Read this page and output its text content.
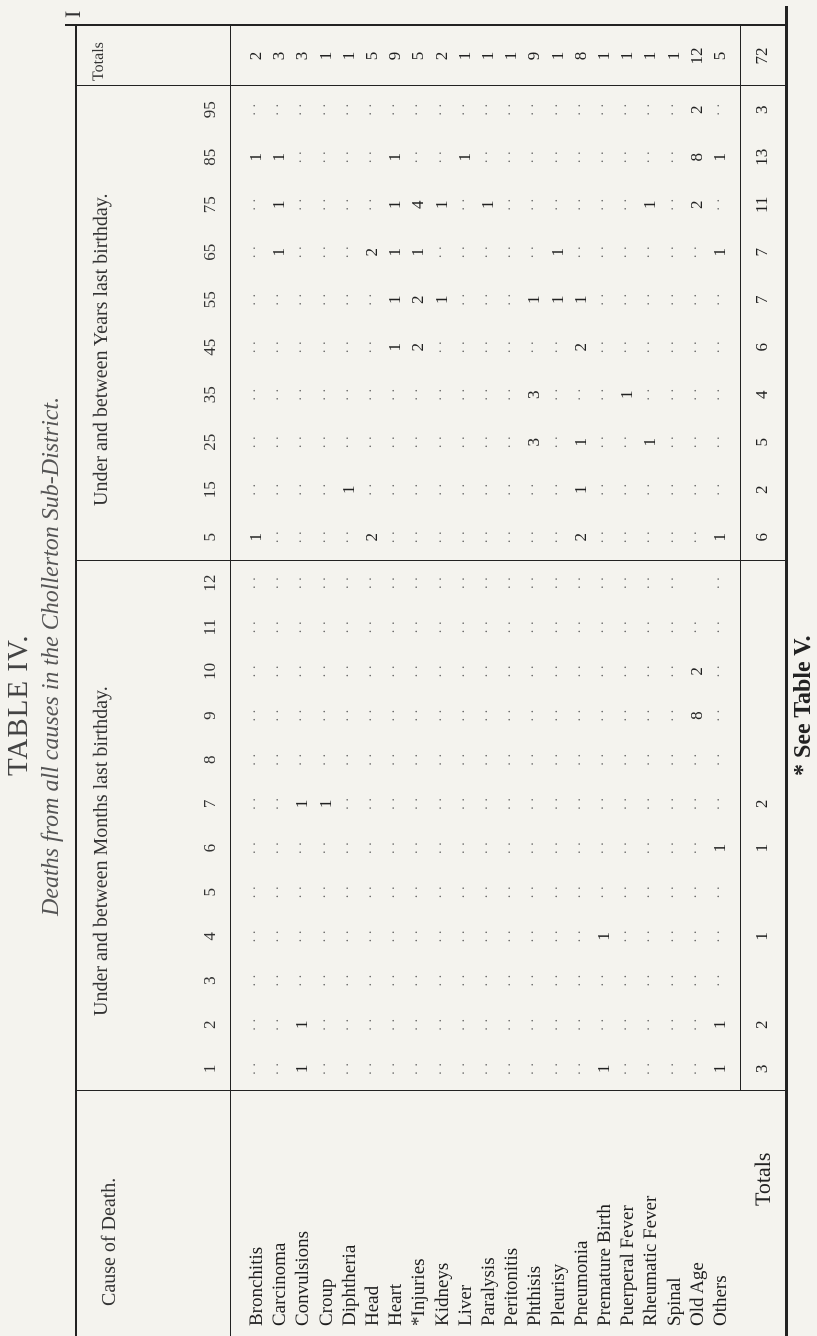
TABLE IV. Deaths from all causes in the Chollerton Sub-District.
I
Cause of Death.
Under and between Months last birthday.
Under and between Years last birthday.
Totals
1
2
3
4
5
6
7
8
9
10
11
12
5
15
25
35
45
55
65
75
85
95
Bronchitis
· ·
· ·
· ·
· ·
· ·
· ·
· ·
· ·
· ·
· ·
· ·
· ·
1
· ·
· ·
· ·
· ·
· ·
· ·
· ·
1
· ·
2
Carcinoma
· ·
· ·
· ·
· ·
· ·
· ·
· ·
· ·
· ·
· ·
· ·
· ·
· ·
· ·
· ·
· ·
· ·
· ·
1
1
1
· ·
3
Convulsions
1
1
· ·
· ·
· ·
· ·
1
· ·
· ·
· ·
· ·
· ·
· ·
· ·
· ·
· ·
· ·
· ·
· ·
· ·
· ·
· ·
3
Croup
· ·
· ·
· ·
· ·
· ·
· ·
1
· ·
· ·
· ·
· ·
· ·
· ·
· ·
· ·
· ·
· ·
· ·
· ·
· ·
· ·
· ·
1
Diphtheria
· ·
· ·
· ·
· ·
· ·
· ·
· ·
· ·
· ·
· ·
· ·
· ·
· ·
1
· ·
· ·
· ·
· ·
· ·
· ·
· ·
· ·
1
Head
· ·
· ·
· ·
· ·
· ·
· ·
· ·
· ·
· ·
· ·
· ·
· ·
2
· ·
· ·
· ·
· ·
· ·
2
· ·
· ·
· ·
5
Heart
· ·
· ·
· ·
· ·
· ·
· ·
· ·
· ·
· ·
· ·
· ·
· ·
· ·
· ·
· ·
· ·
1
1
1
1
1
· ·
9
*Injuries
· ·
· ·
· ·
· ·
· ·
· ·
· ·
· ·
· ·
· ·
· ·
· ·
· ·
· ·
· ·
· ·
2
2
1
4
· ·
· ·
5
Kidneys
· ·
· ·
· ·
· ·
· ·
· ·
· ·
· ·
· ·
· ·
· ·
· ·
· ·
· ·
· ·
· ·
· ·
1
· ·
1
· ·
· ·
2
Liver
· ·
· ·
· ·
· ·
· ·
· ·
· ·
· ·
· ·
· ·
· ·
· ·
· ·
· ·
· ·
· ·
· ·
· ·
· ·
· ·
1
· ·
1
Paralysis
· ·
· ·
· ·
· ·
· ·
· ·
· ·
· ·
· ·
· ·
· ·
· ·
· ·
· ·
· ·
· ·
· ·
· ·
· ·
1
· ·
· ·
1
Peritonitis
· ·
· ·
· ·
· ·
· ·
· ·
· ·
· ·
· ·
· ·
· ·
· ·
· ·
· ·
· ·
· ·
· ·
· ·
· ·
· ·
· ·
· ·
1
Phthisis
· ·
· ·
· ·
· ·
· ·
· ·
· ·
· ·
· ·
· ·
· ·
· ·
· ·
· ·
3
3
· ·
1
· ·
· ·
· ·
· ·
9
Pleurisy
· ·
· ·
· ·
· ·
· ·
· ·
· ·
· ·
· ·
· ·
· ·
· ·
· ·
· ·
· ·
· ·
· ·
1
1
· ·
· ·
· ·
1
Pneumonia
· ·
· ·
· ·
· ·
· ·
· ·
· ·
· ·
· ·
· ·
· ·
· ·
2
1
1
· ·
2
1
· ·
· ·
· ·
· ·
8
Premature Birth
1
· ·
· ·
1
· ·
· ·
· ·
· ·
· ·
· ·
· ·
· ·
· ·
· ·
· ·
· ·
· ·
· ·
· ·
· ·
· ·
· ·
1
Puerperal Fever
· ·
· ·
· ·
· ·
· ·
· ·
· ·
· ·
· ·
· ·
· ·
· ·
· ·
· ·
· ·
1
· ·
· ·
· ·
· ·
· ·
· ·
1
Rheumatic Fever
· ·
· ·
· ·
· ·
· ·
· ·
· ·
· ·
· ·
· ·
· ·
· ·
· ·
· ·
1
· ·
· ·
· ·
· ·
1
· ·
· ·
1
Spinal
· ·
· ·
· ·
· ·
· ·
· ·
· ·
· ·
· ·
· ·
· ·
· ·
· ·
· ·
· ·
· ·
· ·
· ·
· ·
· ·
· ·
· ·
1
Old Age
· ·
· ·
· ·
· ·
· ·
· ·
· ·
· ·
8
2
· ·
· ·
· ·
· ·
· ·
· ·
· ·
· ·
2
8
2
12
Others
1
1
· ·
· ·
· ·
1
· ·
· ·
· ·
· ·
· ·
· ·
1
· ·
· ·
· ·
· ·
· ·
1
· ·
1
· ·
5
Totals
3
2
1
1
2
6
2
5
4
6
7
7
11
13
3
72
* See Table V.
